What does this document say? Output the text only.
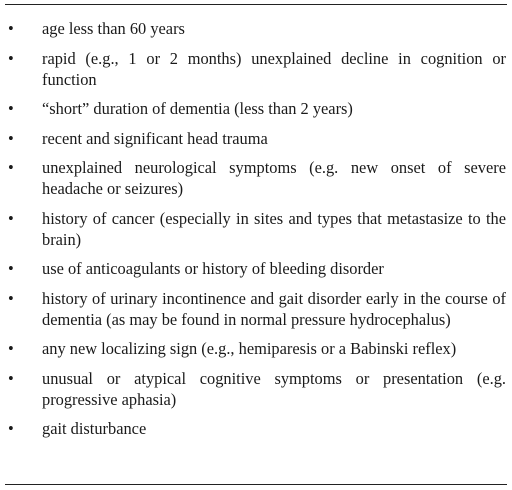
• age less than 60 years
• rapid (e.g., 1 or 2 months) unexplained decline in cognition or function
• “short” duration of dementia (less than 2 years)
• recent and significant head trauma
• unexplained neurological symptoms (e.g. new onset of severe headache or seizures)
• history of cancer (especially in sites and types that metastasize to the brain)
• use of anticoagulants or history of bleeding disorder
• history of urinary incontinence and gait disorder early in the course of dementia (as may be found in normal pressure hydrocephalus)
• any new localizing sign (e.g., hemiparesis or a Babinski reflex)
• unusual or atypical cognitive symptoms or presentation (e.g. progressive aphasia)
• gait disturbance
